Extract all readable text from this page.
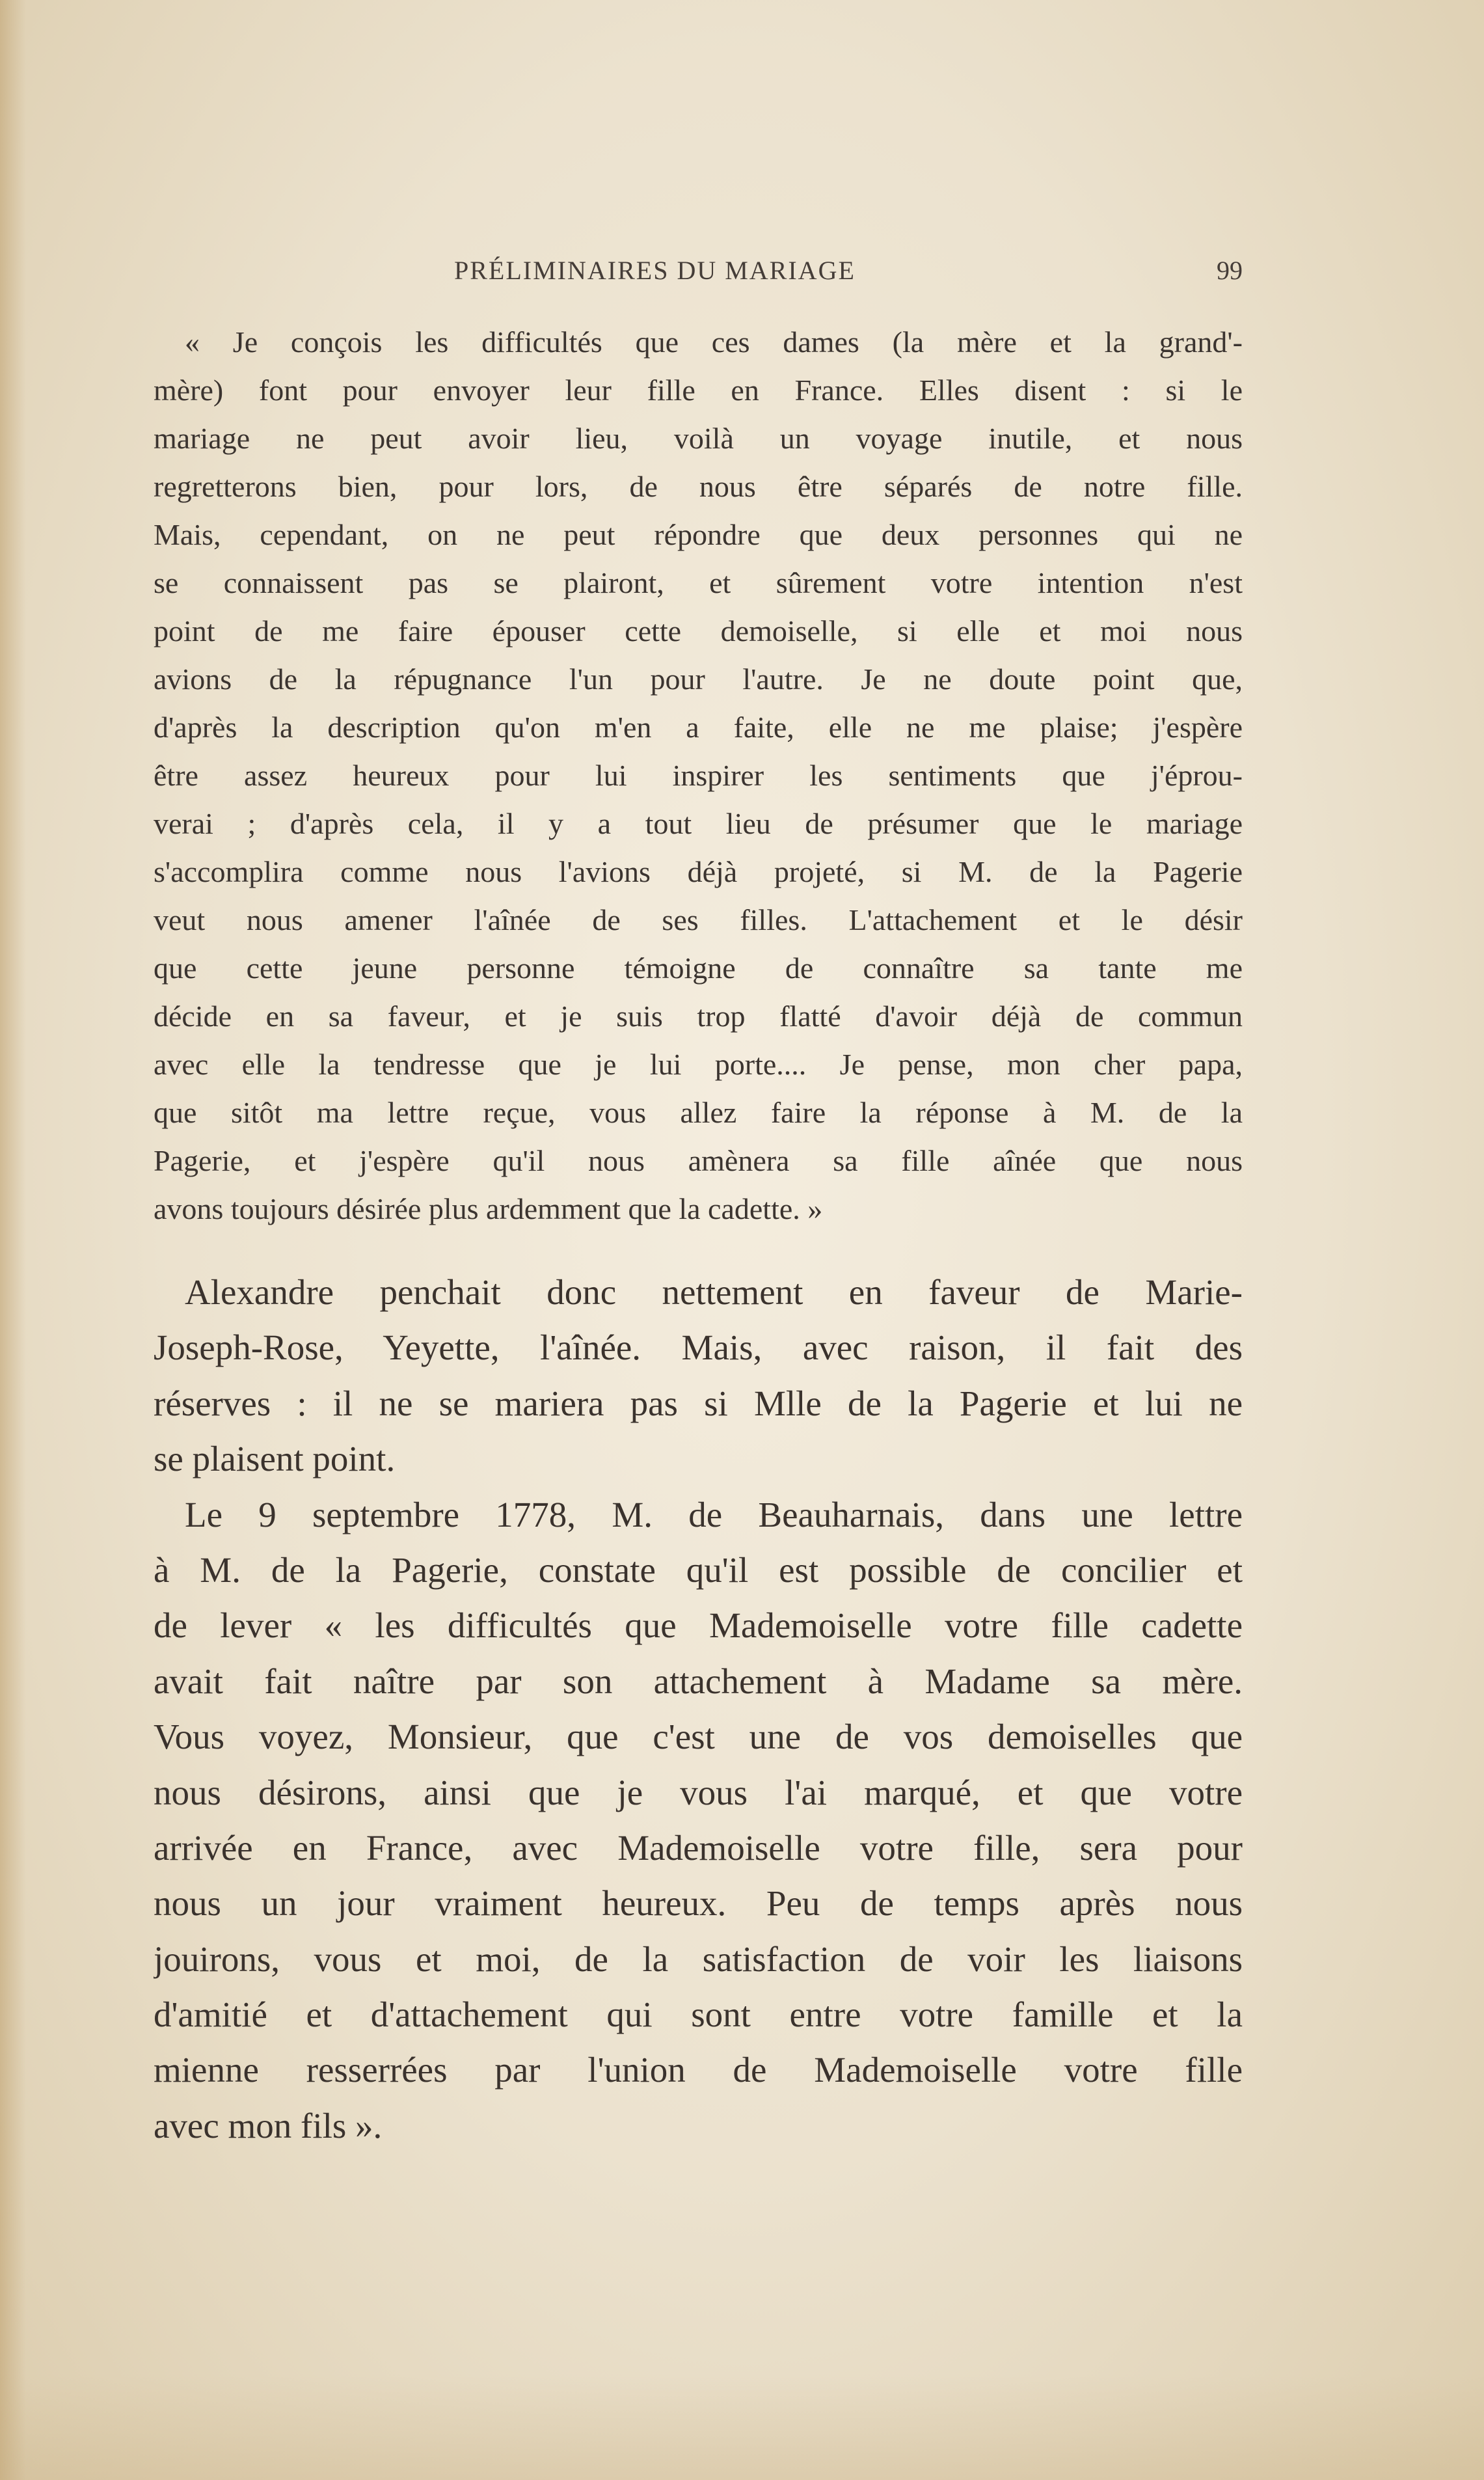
PRÉLIMINAIRES DU MARIAGE	99
« Je conçois les difficultés que ces dames (la mère et la grand'-
mère) font pour envoyer leur fille en France. Elles disent : si le
mariage ne peut avoir lieu, voilà un voyage inutile, et nous
regretterons bien, pour lors, de nous être séparés de notre fille.
Mais, cependant, on ne peut répondre que deux personnes qui ne
se connaissent pas se plairont, et sûrement votre intention n'est
point de me faire épouser cette demoiselle, si elle et moi nous
avions de la répugnance l'un pour l'autre. Je ne doute point que,
d'après la description qu'on m'en a faite, elle ne me plaise; j'espère
être assez heureux pour lui inspirer les sentiments que j'éprou-
verai ; d'après cela, il y a tout lieu de présumer que le mariage
s'accomplira comme nous l'avions déjà projeté, si M. de la Pagerie
veut nous amener l'aînée de ses filles. L'attachement et le désir
que cette jeune personne témoigne de connaître sa tante me
décide en sa faveur, et je suis trop flatté d'avoir déjà de commun
avec elle la tendresse que je lui porte.... Je pense, mon cher papa,
que sitôt ma lettre reçue, vous allez faire la réponse à M. de la
Pagerie, et j'espère qu'il nous amènera sa fille aînée que nous
avons toujours désirée plus ardemment que la cadette. »
Alexandre penchait donc nettement en faveur de Marie-
Joseph-Rose, Yeyette, l'aînée. Mais, avec raison, il fait des
réserves : il ne se mariera pas si Mlle de la Pagerie et lui ne
se plaisent point.
Le 9 septembre 1778, M. de Beauharnais, dans une lettre
à M. de la Pagerie, constate qu'il est possible de concilier et
de lever « les difficultés que Mademoiselle votre fille cadette
avait fait naître par son attachement à Madame sa mère.
Vous voyez, Monsieur, que c'est une de vos demoiselles que
nous désirons, ainsi que je vous l'ai marqué, et que votre
arrivée en France, avec Mademoiselle votre fille, sera pour
nous un jour vraiment heureux. Peu de temps après nous
jouirons, vous et moi, de la satisfaction de voir les liaisons
d'amitié et d'attachement qui sont entre votre famille et la
mienne resserrées par l'union de Mademoiselle votre fille
avec mon fils ».
